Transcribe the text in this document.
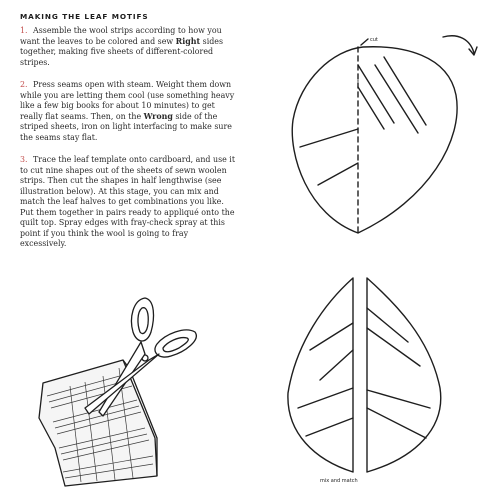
MAKING THE LEAF MOTIFS

1. Assemble the wool strips according to how you want the leaves to be colored and sew Right sides together, making five sheets of different-colored stripes.

2. Press seams open with steam. Weight them down while you are letting them cool (use something heavy like a few big books for about 10 minutes) to get really flat seams. Then, on the Wrong side of the striped sheets, iron on light interfacing to make sure the seams stay flat.

3. Trace the leaf template onto cardboard, and use it to cut nine shapes out of the sheets of sewn woolen strips. Then cut the shapes in half lengthwise (see illustration below). At this stage, you can mix and match the leaf halves to get combinations you like. Put them together in pairs ready to appliqué onto the quilt top. Spray edges with fray-check spray at this point if you think the wool is going to fray excessively.

cut
mix and match
